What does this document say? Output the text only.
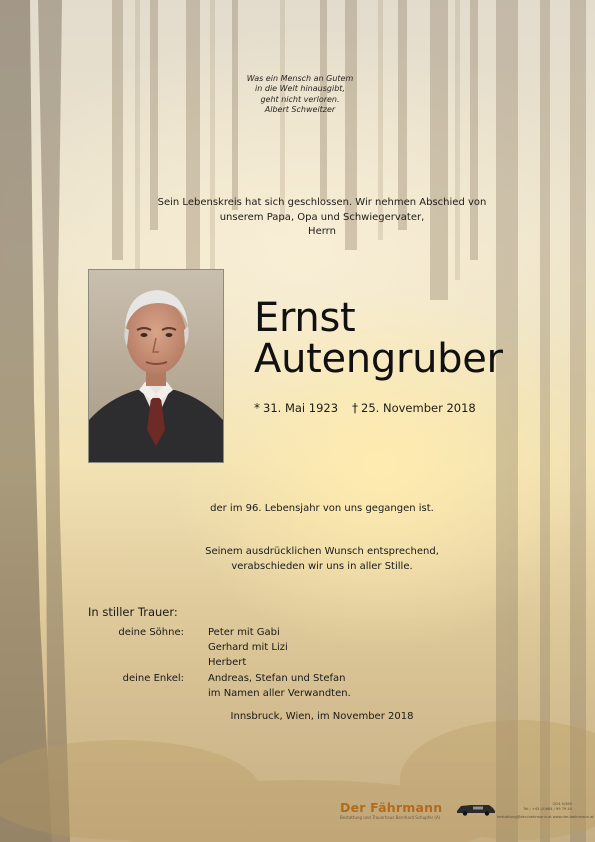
Was ein Mensch an Gutem
in die Welt hinausgibt,
geht nicht verloren.
Albert Schweitzer
Sein Lebenskreis hat sich geschlossen. Wir nehmen Abschied von
unserem Papa, Opa und Schwiegervater,
Herrn
Ernst
Autengruber
* 31. Mai 1923 † 25. November 2018
der im 96. Lebensjahr von uns gegangen ist.
Seinem ausdrücklichen Wunsch entsprechend,
verabschieden wir uns in aller Stille.
In stiller Trauer:
deine Söhne: Peter mit Gabi
Gerhard mit Lizi
Herbert
deine Enkel: Andreas, Stefan und Stefan
im Namen aller Verwandten.
Innsbruck, Wien, im November 2018
Der Fährmann
Bestattung und Trauerhaus Bernhard Schupfer (A)
0/24 h/365
Tel.: +43 (0)664 / 99 79 40
bestattung@der-faehrmann.at www.der-faehrmann.at
